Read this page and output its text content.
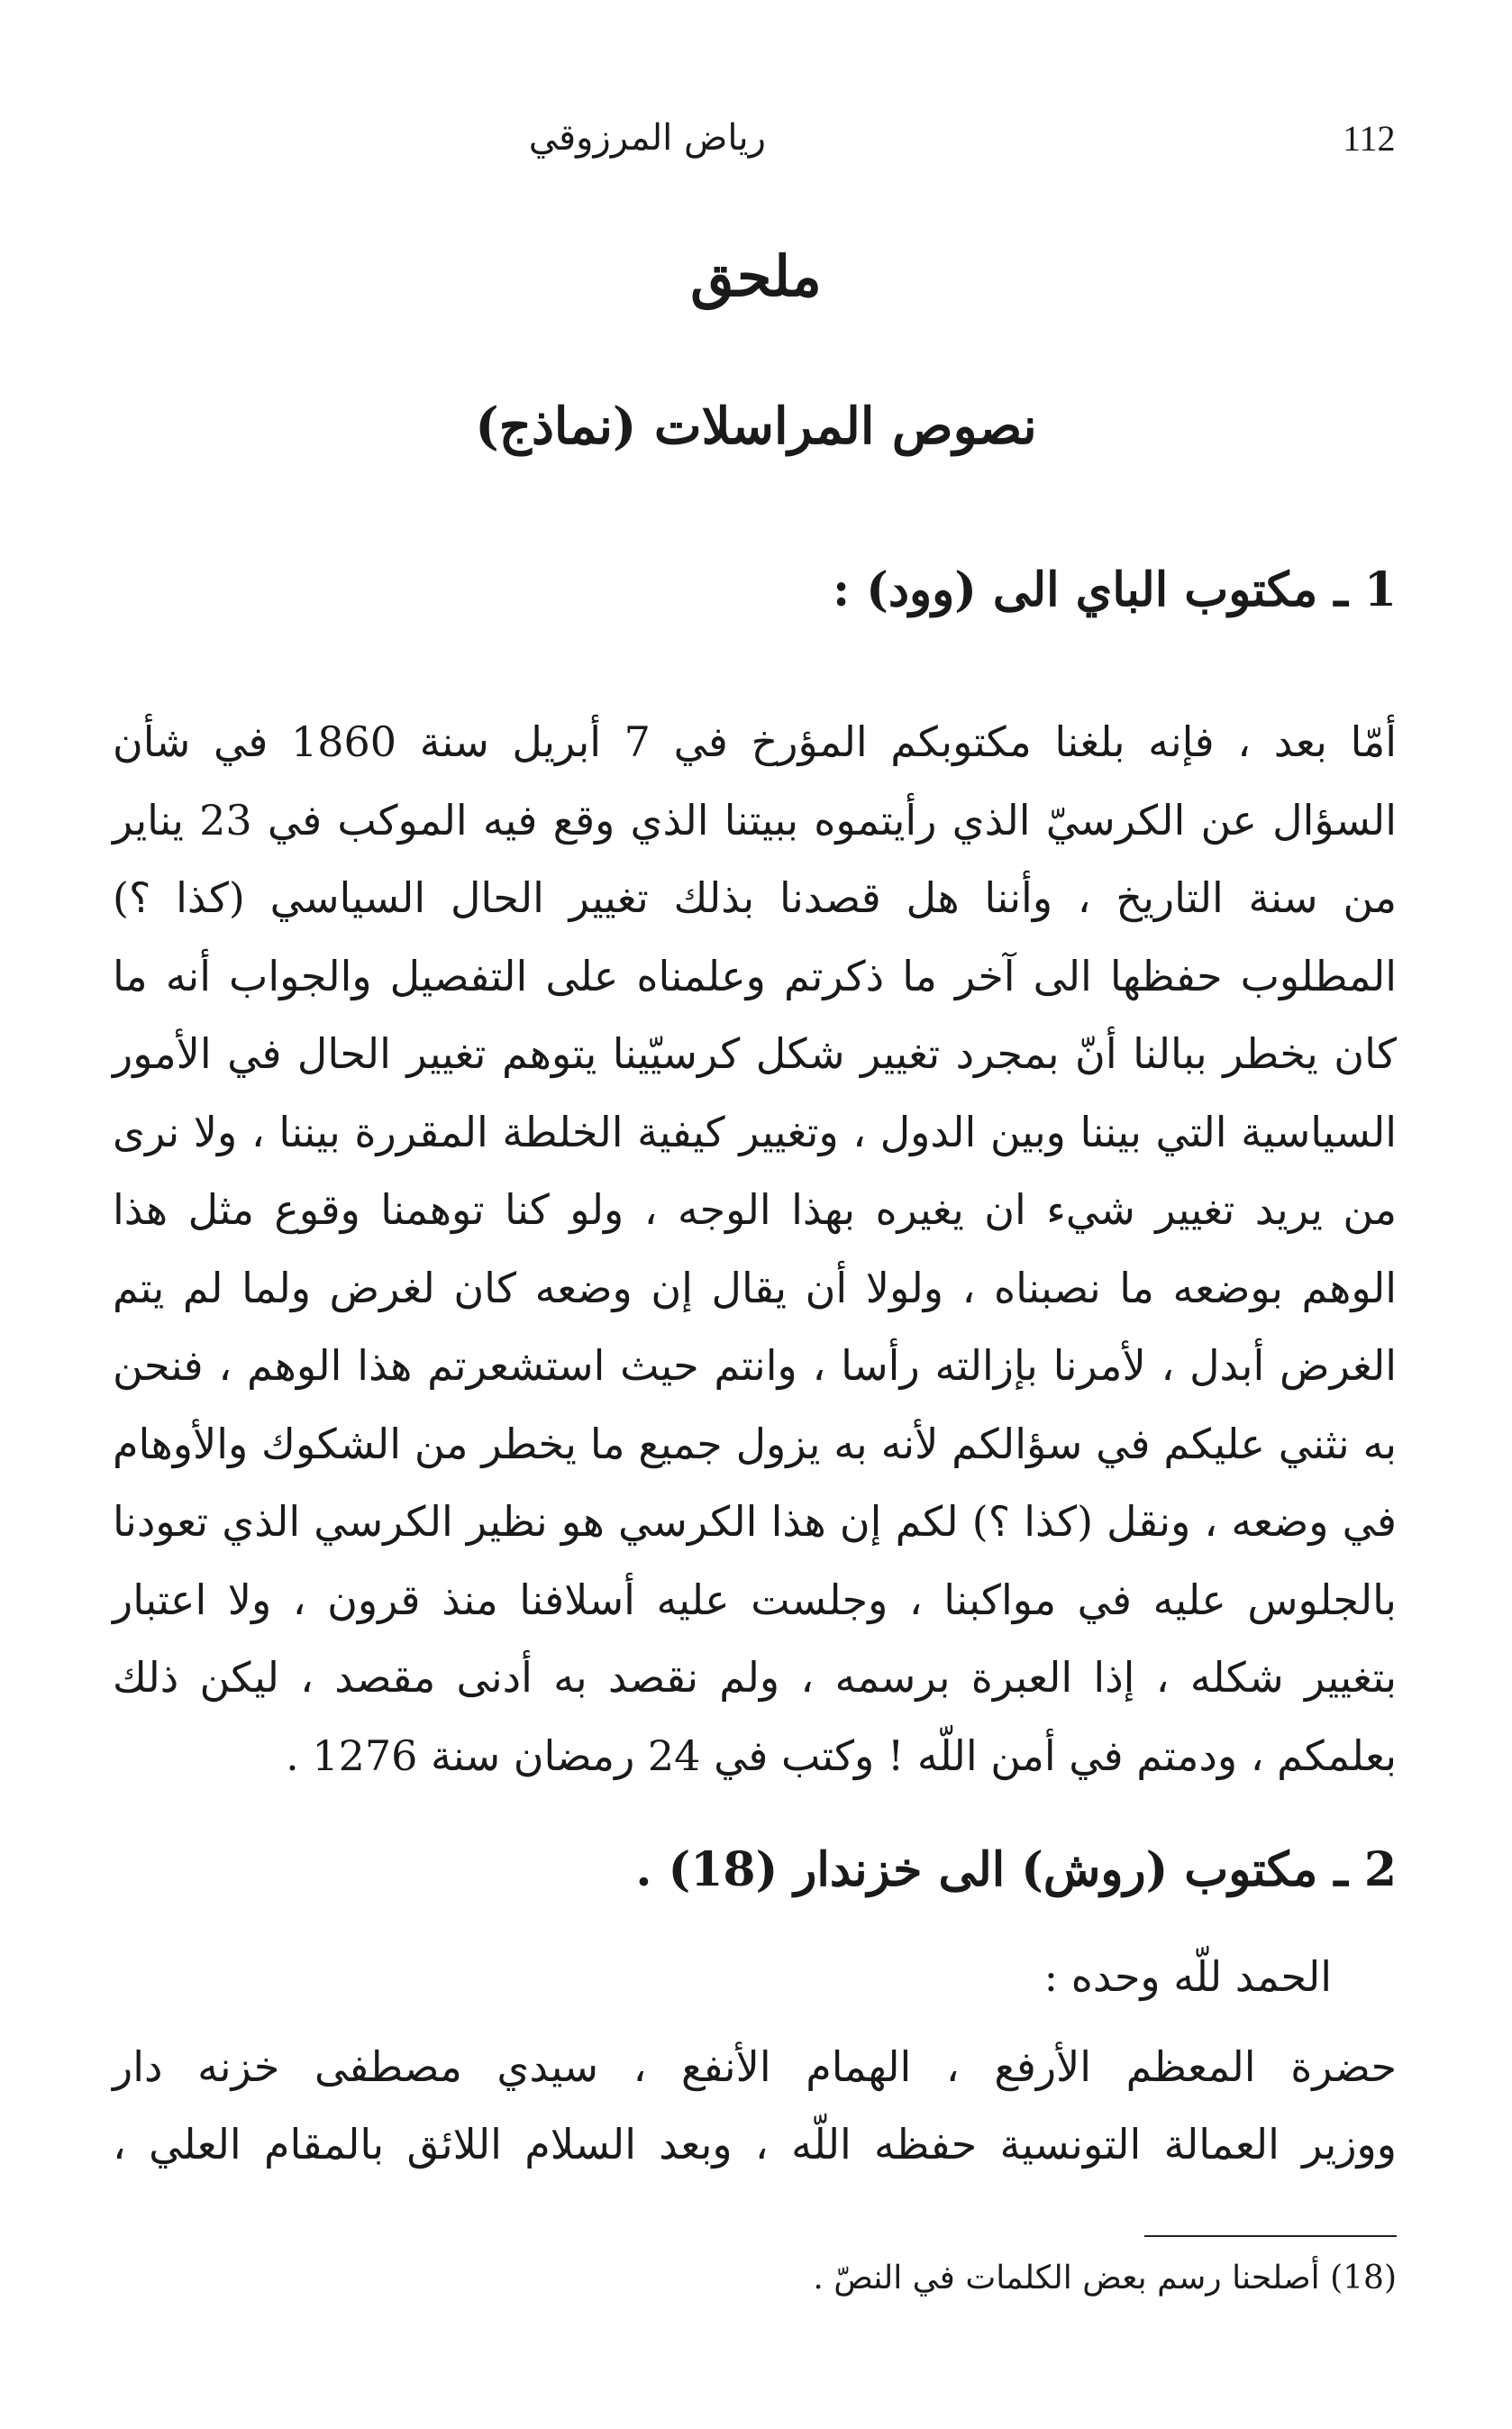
112
رياض المرزوقي
ملحق
نصوص المراسلات (نماذج)
1 ـ مكتوب الباي الى (وود) :
أمّا بعد ، فإنه بلغنا مكتوبكم المؤرخ في 7 أبريل سنة 1860 في شأن السؤال عن الكرسيّ الذي رأيتموه ببيتنا الذي وقع فيه الموكب في 23 يناير من سنة التاريخ ، وأننا هل قصدنا بذلك تغيير الحال السياسي (كذا ؟) المطلوب حفظها الى آخر ما ذكرتم وعلمناه على التفصيل والجواب أنه ما كان يخطر ببالنا أنّ بمجرد تغيير شكل كرسيّينا يتوهم تغيير الحال في الأمور السياسية التي بيننا وبين الدول ، وتغيير كيفية الخلطة المقررة بيننا ، ولا نرى من يريد تغيير شيء ان يغيره بهذا الوجه ، ولو كنا توهمنا وقوع مثل هذا الوهم بوضعه ما نصبناه ، ولولا أن يقال إن وضعه كان لغرض ولما لم يتم الغرض أبدل ، لأمرنا بإزالته رأسا ، وانتم حيث استشعرتم هذا الوهم ، فنحن به نثني عليكم في سؤالكم لأنه به يزول جميع ما يخطر من الشكوك والأوهام في وضعه ، ونقل (كذا ؟) لكم إن هذا الكرسي هو نظير الكرسي الذي تعودنا بالجلوس عليه في مواكبنا ، وجلست عليه أسلافنا منذ قرون ، ولا اعتبار بتغيير شكله ، إذا العبرة برسمه ، ولم نقصد به أدنى مقصد ، ليكن ذلك بعلمكم ، ودمتم في أمن اللّه ! وكتب في 24 رمضان سنة 1276 .
2 ـ مكتوب (روش) الى خزندار (18) .
الحمد للّه وحده :
حضرة المعظم الأرفع ، الهمام الأنفع ، سيدي مصطفى خزنه دار
ووزير العمالة التونسية حفظه اللّه ، وبعد السلام اللائق بالمقام العلي ،
(18) أصلحنا رسم بعض الكلمات في النصّ .
